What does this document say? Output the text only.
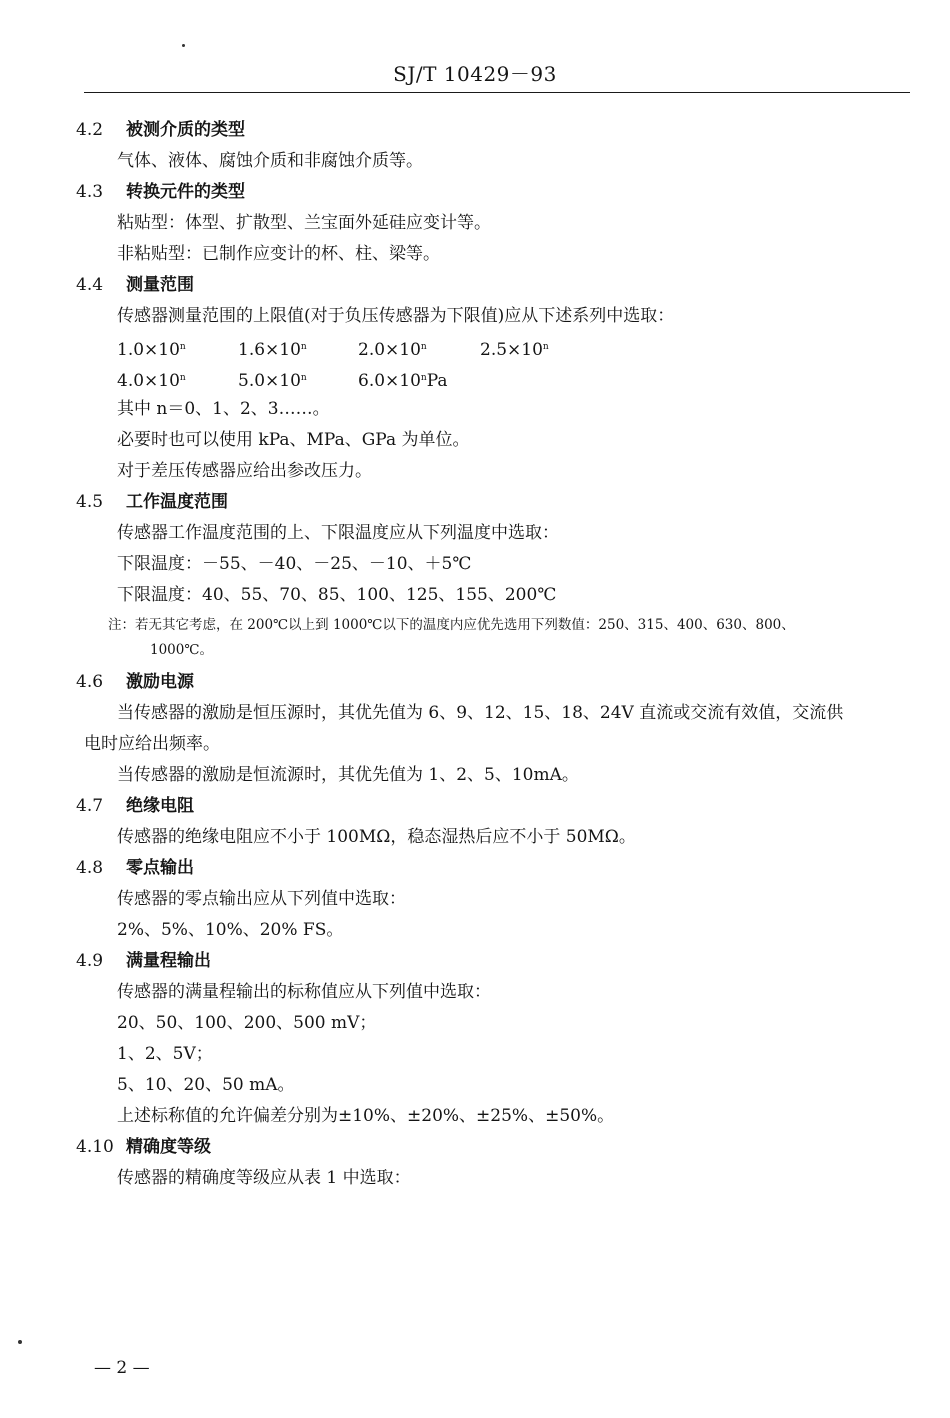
SJ/T 10429－93
4.2 被测介质的类型
气体、液体、腐蚀介质和非腐蚀介质等。
4.3 转换元件的类型
粘贴型：体型、扩散型、兰宝面外延硅应变计等。
非粘贴型：已制作应变计的杯、柱、梁等。
4.4 测量范围
传感器测量范围的上限值(对于负压传感器为下限值)应从下述系列中选取：
$1.0\times 10^n$	$1.6\times 10^n$	$2.0\times 10^n$	$2.5\times 10^n$
$4.0\times 10^n$	$5.0\times 10^n$	$6.0\times 10^nPa$
其中 n＝0、1、2、3……。
必要时也可以使用 kPa、MPa、GPa 为单位。
对于差压传感器应给出参改压力。
4.5 工作温度范围
传感器工作温度范围的上、下限温度应从下列温度中选取：
下限温度：－55、－40、－25、－10、＋5℃
下限温度：40、55、70、85、100、125、155、200℃
注：若无其它考虑，在 200℃以上到 1000℃以下的温度内应优先选用下列数值：250、315、400、630、800、
1000℃。
4.6 激励电源
当传感器的激励是恒压源时，其优先值为 6、9、12、15、18、24V 直流或交流有效值，交流供
电时应给出频率。
当传感器的激励是恒流源时，其优先值为 1、2、5、10mA。
4.7 绝缘电阻
传感器的绝缘电阻应不小于 100MΩ，稳态湿热后应不小于 50MΩ。
4.8 零点输出
传感器的零点输出应从下列值中选取：
2%、5%、10%、20% FS。
4.9 满量程输出
传感器的满量程输出的标称值应从下列值中选取：
20、50、100、200、500 mV；
1、2、5V；
5、10、20、50 mA。
上述标称值的允许偏差分别为±10%、±20%、±25%、±50%。
4.10 精确度等级
传感器的精确度等级应从表 1 中选取：
— 2 —
